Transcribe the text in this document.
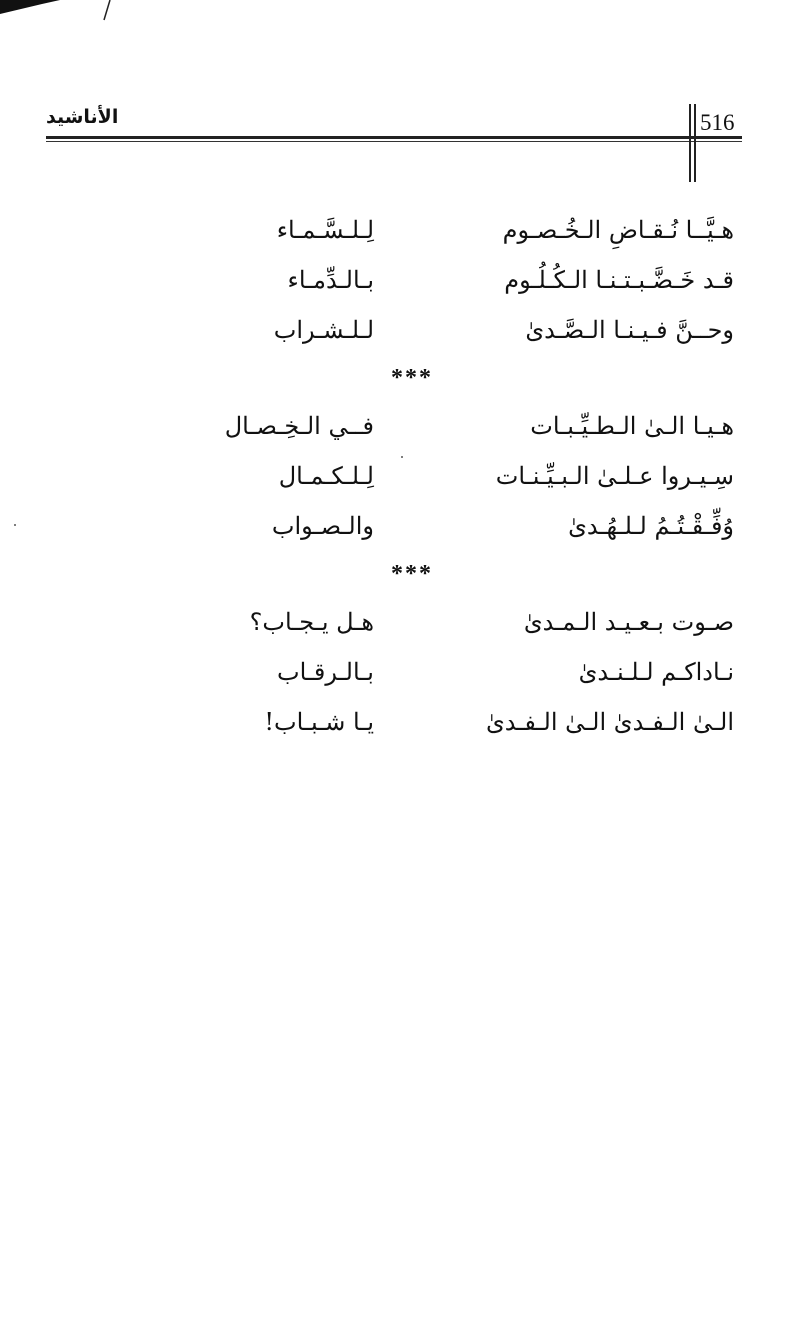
الأناشيد	516
هـيَّــا نُـقـاضِ الـخُـصـوم
لِـلـسَّـمـاء
قـد خَـضَّـبـتـنـا الـكُـلُـوم
بـالـدِّمـاء
وحــنَّ فـيـنـا الـصَّـدىٰ
لـلـشـراب
***
هـيـا الـىٰ الـطـيِّـبـات
فــي الـخِـصـال
سِـيـروا عـلـىٰ الـبـيِّـنـات
لِـلـكـمـال
وُفِّـقْـتُـمُ لـلـهُـدىٰ
والـصـواب
***
صـوت بـعـيـد الـمـدىٰ
هـل يـجـاب؟
نـاداكـم لـلـنـدىٰ
بـالـرقـاب
الـىٰ الـفـدىٰ الـىٰ الـفـدىٰ
يـا شـبـاب!
